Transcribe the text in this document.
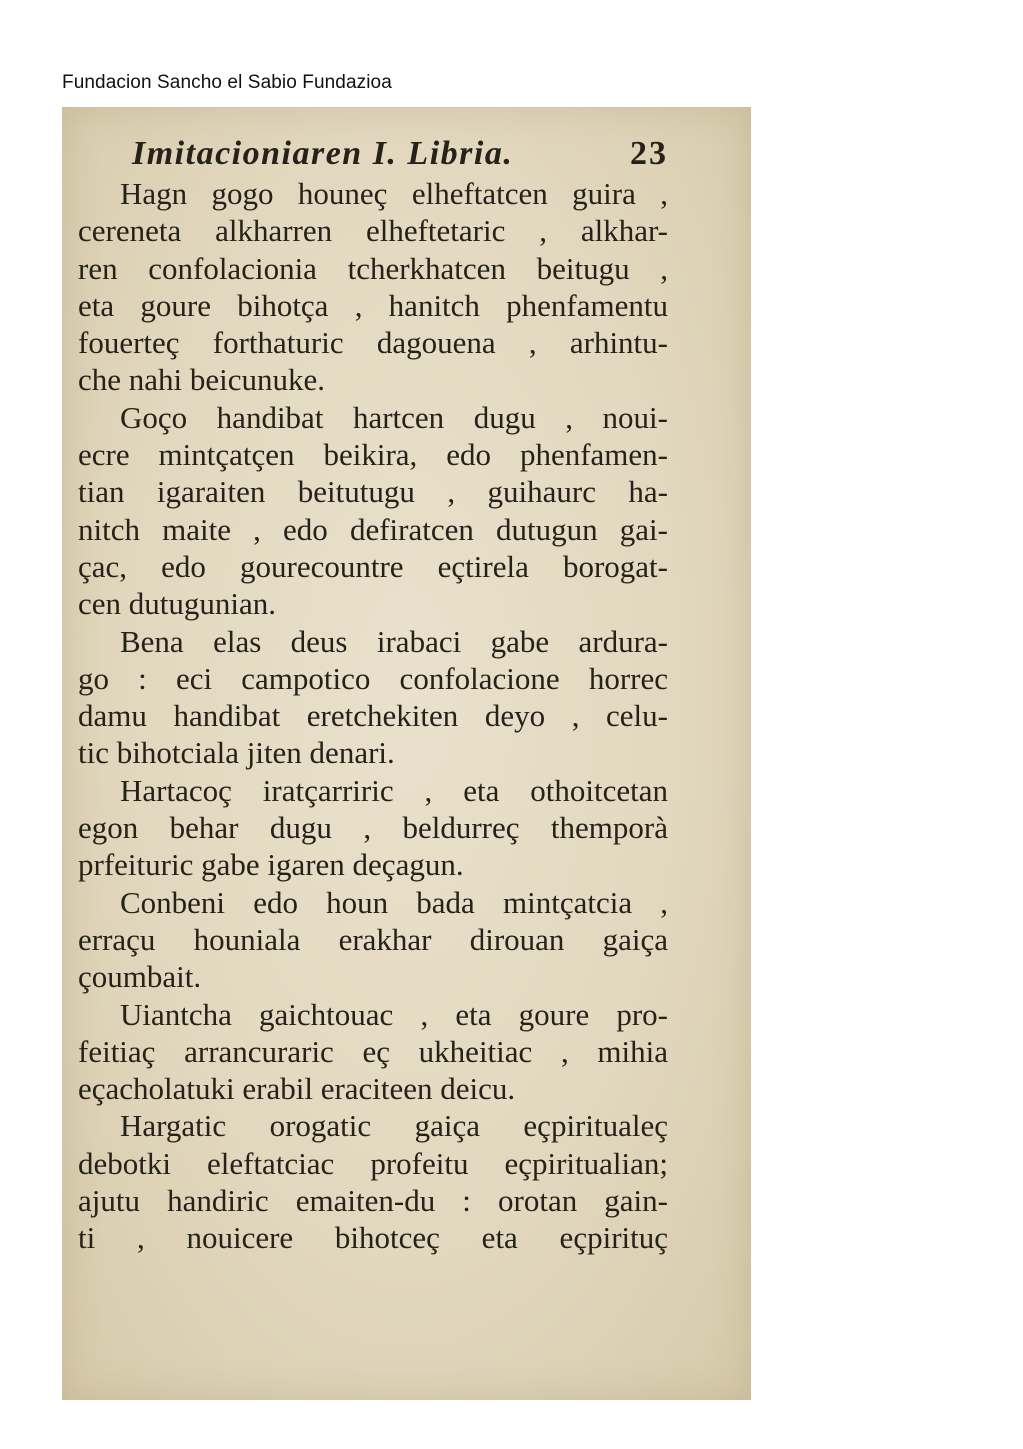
Fundacion Sancho el Sabio Fundazioa
Imitacioniaren I. Libria.	23
Hagn gogo houneç elheftatcen guira ,
cereneta alkharren elheftetaric , alkhar-
ren confolacionia tcherkhatcen beitugu ,
eta goure bihotça , hanitch phenfamentu
fouerteç forthaturic dagouena , arhintu-
che nahi beicunuke.
Goço handibat hartcen dugu , noui-
ecre mintçatçen beikira, edo phenfamen-
tian igaraiten beitutugu , guihaurc ha-
nitch maite , edo defiratcen dutugun gai-
çac, edo gourecountre eçtirela borogat-
cen dutugunian.
Bena elas deus irabaci gabe ardura-
go : eci campotico confolacione horrec
damu handibat eretchekiten deyo , celu-
tic bihotciala jiten denari.
Hartacoç iratçarriric , eta othoitcetan
egon behar dugu , beldurreç themporà
prfeituric gabe igaren deçagun.
Conbeni edo houn bada mintçatcia ,
erraçu houniala erakhar dirouan gaiça
çoumbait.
Uiantcha gaichtouac , eta goure pro-
feitiaç arrancuraric eç ukheitiac , mihia
eçacholatuki erabil eraciteen deicu.
Hargatic orogatic gaiça eçpiritualeç
debotki eleftatciac profeitu eçpiritualian;
ajutu handiric emaiten-du : orotan gain-
ti , nouicere bihotceç eta eçpirituç
